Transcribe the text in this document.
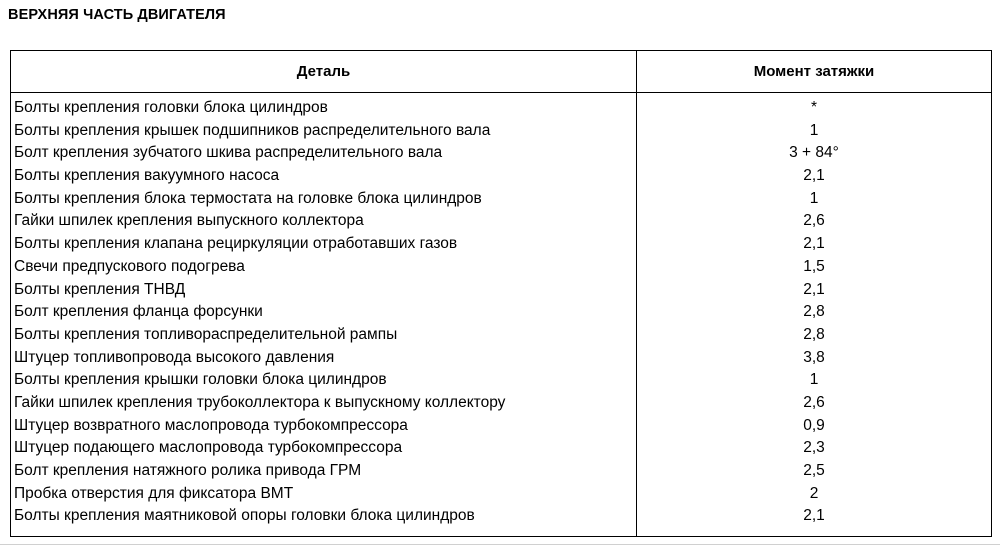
ВЕРХНЯЯ ЧАСТЬ ДВИГАТЕЛЯ
Деталь	Момент затяжки
Болты крепления головки блока цилиндров	*
Болты крепления крышек подшипников распределительного вала	1
Болт крепления зубчатого шкива распределительного вала	3 + 84°
Болты крепления вакуумного насоса	2,1
Болты крепления блока термостата на головке блока цилиндров	1
Гайки шпилек крепления выпускного коллектора	2,6
Болты крепления клапана рециркуляции отработавших газов	2,1
Свечи предпускового подогрева	1,5
Болты крепления ТНВД	2,1
Болт крепления фланца форсунки	2,8
Болты крепления топливораспределительной рампы	2,8
Штуцер топливопровода высокого давления	3,8
Болты крепления крышки головки блока цилиндров	1
Гайки шпилек крепления трубоколлектора к выпускному коллектору	2,6
Штуцер возвратного маслопровода турбокомпрессора	0,9
Штуцер подающего маслопровода турбокомпрессора	2,3
Болт крепления натяжного ролика привода ГРМ	2,5
Пробка отверстия для фиксатора ВМТ	2
Болты крепления маятниковой опоры головки блока цилиндров	2,1
